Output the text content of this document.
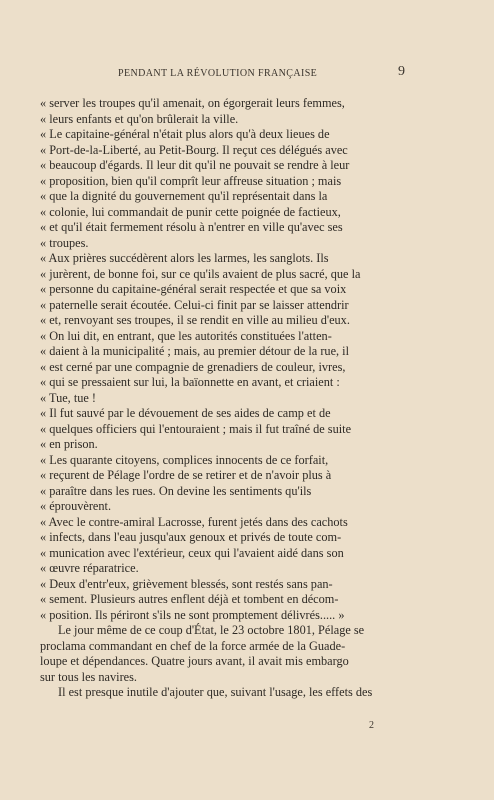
PENDANT LA RÉVOLUTION FRANÇAISE	9
« server les troupes qu'il amenait, on égorgerait leurs femmes,
« leurs enfants et qu'on brûlerait la ville.
« Le capitaine-général n'était plus alors qu'à deux lieues de
« Port-de-la-Liberté, au Petit-Bourg. Il reçut ces délégués avec
« beaucoup d'égards. Il leur dit qu'il ne pouvait se rendre à leur
« proposition, bien qu'il comprît leur affreuse situation ; mais
« que la dignité du gouvernement qu'il représentait dans la
« colonie, lui commandait de punir cette poignée de factieux,
« et qu'il était fermement résolu à n'entrer en ville qu'avec ses
« troupes.
« Aux prières succédèrent alors les larmes, les sanglots. Ils
« jurèrent, de bonne foi, sur ce qu'ils avaient de plus sacré, que la
« personne du capitaine-général serait respectée et que sa voix
« paternelle serait écoutée. Celui-ci finit par se laisser attendrir
« et, renvoyant ses troupes, il se rendit en ville au milieu d'eux.
« On lui dit, en entrant, que les autorités constituées l'atten-
« daient à la municipalité ; mais, au premier détour de la rue, il
« est cerné par une compagnie de grenadiers de couleur, ivres,
« qui se pressaient sur lui, la baïonnette en avant, et criaient :
« Tue, tue !
« Il fut sauvé par le dévouement de ses aides de camp et de
« quelques officiers qui l'entouraient ; mais il fut traîné de suite
« en prison.
« Les quarante citoyens, complices innocents de ce forfait,
« reçurent de Pélage l'ordre de se retirer et de n'avoir plus à
« paraître dans les rues. On devine les sentiments qu'ils
« éprouvèrent.
« Avec le contre-amiral Lacrosse, furent jetés dans des cachots
« infects, dans l'eau jusqu'aux genoux et privés de toute com-
« munication avec l'extérieur, ceux qui l'avaient aidé dans son
« œuvre réparatrice.
« Deux d'entr'eux, grièvement blessés, sont restés sans pan-
« sement. Plusieurs autres enflent déjà et tombent en décom-
« position. Ils périront s'ils ne sont promptement délivrés..... »
Le jour même de ce coup d'État, le 23 octobre 1801, Pélage se
proclama commandant en chef de la force armée de la Guade-
loupe et dépendances. Quatre jours avant, il avait mis embargo
sur tous les navires.
Il est presque inutile d'ajouter que, suivant l'usage, les effets des
2
